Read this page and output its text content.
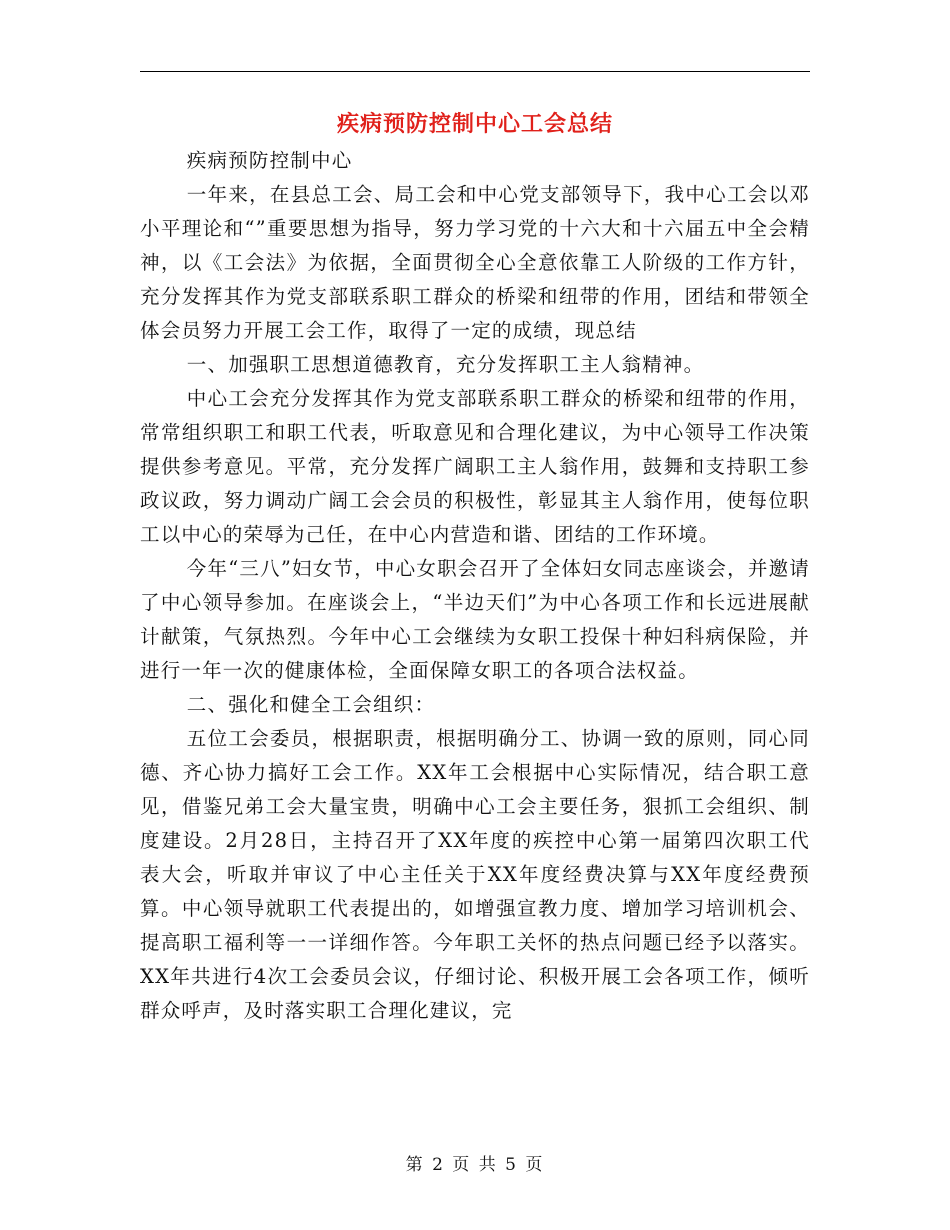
疾病预防控制中心工会总结

疾病预防控制中心

一年来，在县总工会、局工会和中心党支部领导下，我中心工会以邓小平理论和“”重要思想为指导，努力学习党的十六大和十六届五中全会精神，以《工会法》为依据，全面贯彻全心全意依靠工人阶级的工作方针，充分发挥其作为党支部联系职工群众的桥梁和纽带的作用，团结和带领全体会员努力开展工会工作，取得了一定的成绩，现总结

一、加强职工思想道德教育，充分发挥职工主人翁精神。

中心工会充分发挥其作为党支部联系职工群众的桥梁和纽带的作用，常常组织职工和职工代表，听取意见和合理化建议，为中心领导工作决策提供参考意见。平常，充分发挥广阔职工主人翁作用，鼓舞和支持职工参政议政，努力调动广阔工会会员的积极性，彰显其主人翁作用，使每位职工以中心的荣辱为己任，在中心内营造和谐、团结的工作环境。

今年“三八”妇女节，中心女职会召开了全体妇女同志座谈会，并邀请了中心领导参加。在座谈会上，“半边天们”为中心各项工作和长远进展献计献策，气氛热烈。今年中心工会继续为女职工投保十种妇科病保险，并进行一年一次的健康体检，全面保障女职工的各项合法权益。

二、强化和健全工会组织：

五位工会委员，根据职责，根据明确分工、协调一致的原则，同心同德、齐心协力搞好工会工作。XX年工会根据中心实际情况，结合职工意见，借鉴兄弟工会大量宝贵，明确中心工会主要任务，狠抓工会组织、制度建设。2月28日，主持召开了XX年度的疾控中心第一届第四次职工代表大会，听取并审议了中心主任关于XX年度经费决算与XX年度经费预算。中心领导就职工代表提出的，如增强宣教力度、增加学习培训机会、提高职工福利等一一详细作答。今年职工关怀的热点问题已经予以落实。XX年共进行4次工会委员会议，仔细讨论、积极开展工会各项工作，倾听群众呼声，及时落实职工合理化建议，完

第 2 页 共 5 页
